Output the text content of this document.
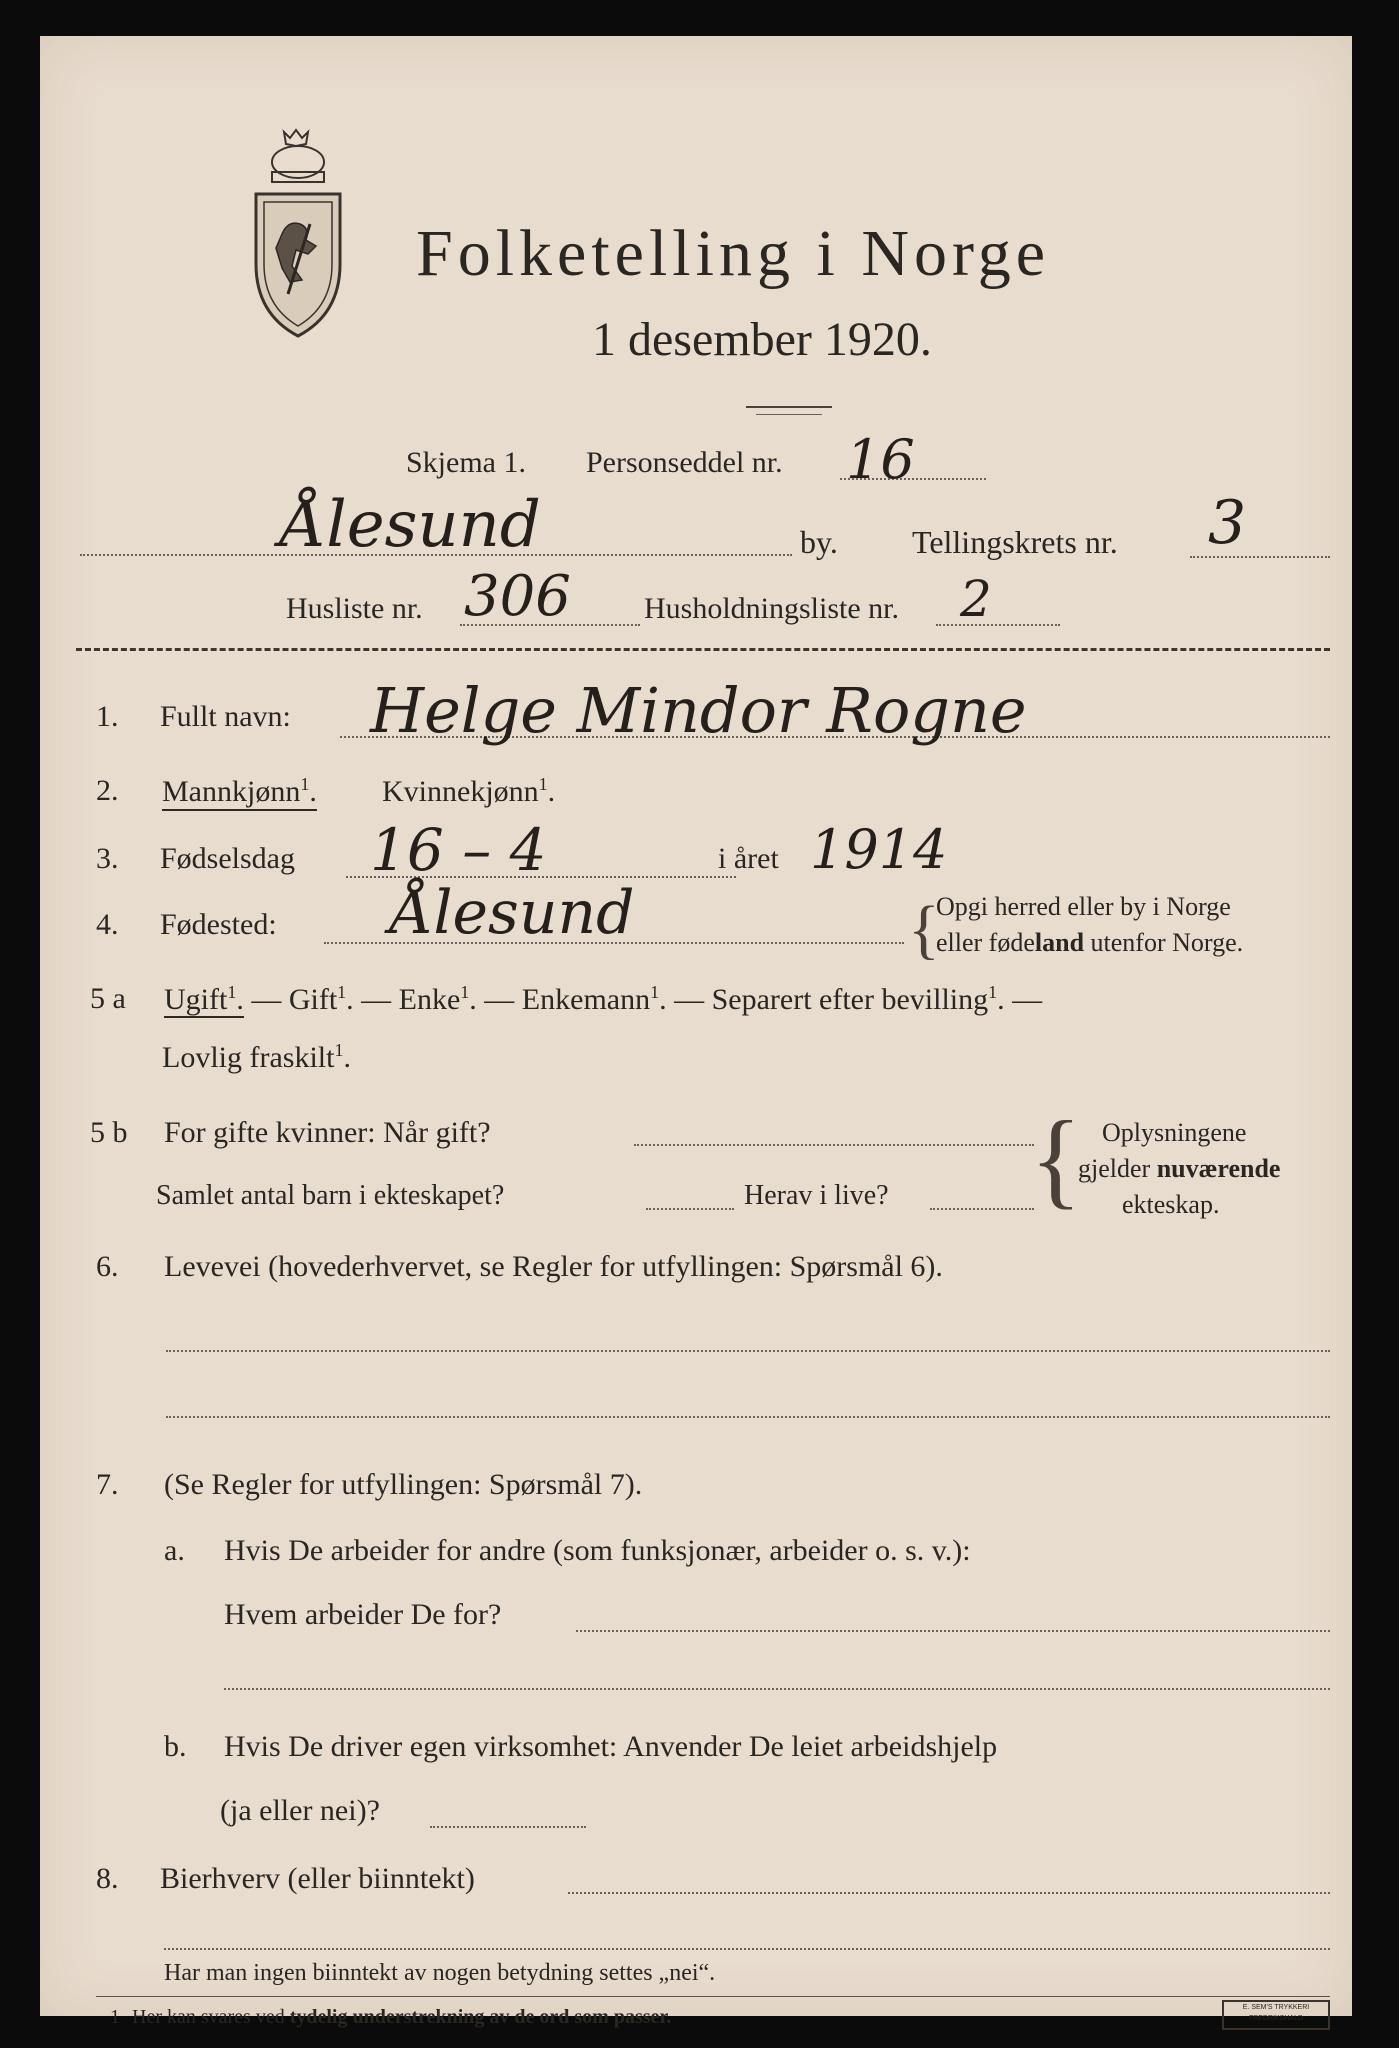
Folketelling i Norge
1 desember 1920.
Skjema 1. Personseddel nr. 16
Ålesund	by. Tellingskrets nr. 3
Husliste nr. 306 Husholdningsliste nr. 2
1. Fullt navn: Helge Mindor Rogne
2. Mannkjønn$^1$. Kvinnekjønn$^1$.
3. Fødselsdag 16 – 4	i året 1914
4. Fødested: Ålesund	{
Opgi herred eller by i Norge
eller fødeland utenfor Norge.
5 a Ugift$^1$. — Gift$^1$. — Enke$^1$. — Enkemann$^1$. — Separert efter bevilling$^1$. —
Lovlig fraskilt$^1$.
5 b For gifte kvinner: Når gift?
Samlet antal barn i ekteskapet?	Herav i live? { Oplysningene
gjelder nuværende
ekteskap.
6. Levevei (hovederhvervet, se Regler for utfyllingen: Spørsmål 6).
7. (Se Regler for utfyllingen: Spørsmål 7).
a. Hvis De arbeider for andre (som funksjonær, arbeider o. s. v.):
Hvem arbeider De for?
b. Hvis De driver egen virksomhet: Anvender De leiet arbeidshjelp
(ja eller nei)?
8. Bierhverv (eller biinntekt)
Har man ingen biinntekt av nogen betydning settes „nei“.
1 Her kan svares ved tydelig understrekning av de ord som passer.	E. SEM'S TRYKKERI
FREDRIKSHALD
